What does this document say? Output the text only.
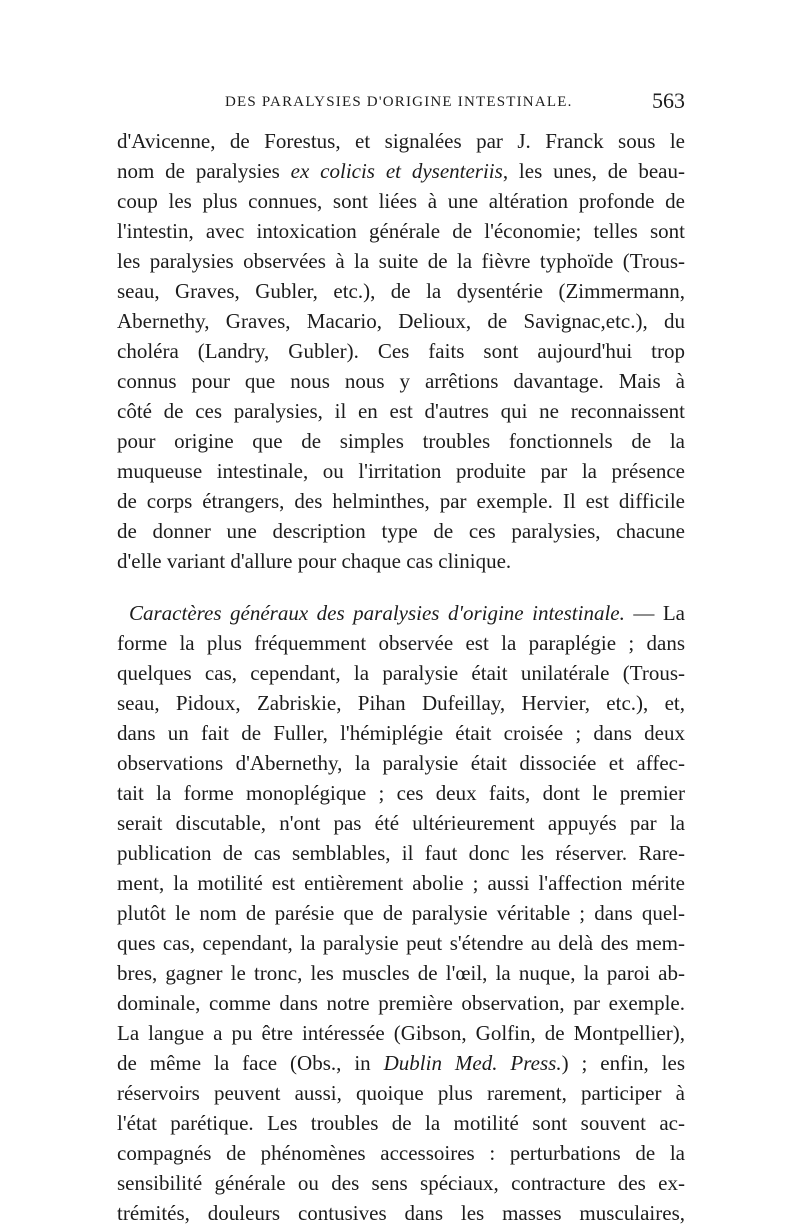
DES PARALYSIES D'ORIGINE INTESTINALE.	563
d'Avicenne, de Forestus, et signalées par J. Franck sous le
nom de paralysies ex colicis et dysenteriis, les unes, de beau-
coup les plus connues, sont liées à une altération profonde de
l'intestin, avec intoxication générale de l'économie; telles sont
les paralysies observées à la suite de la fièvre typhoïde (Trous-
seau, Graves, Gubler, etc.), de la dysentérie (Zimmermann,
Abernethy, Graves, Macario, Delioux, de Savignac,etc.), du
choléra (Landry, Gubler). Ces faits sont aujourd'hui trop
connus pour que nous nous y arrêtions davantage. Mais à
côté de ces paralysies, il en est d'autres qui ne reconnaissent
pour origine que de simples troubles fonctionnels de la
muqueuse intestinale, ou l'irritation produite par la présence
de corps étrangers, des helminthes, par exemple. Il est difficile
de donner une description type de ces paralysies, chacune
d'elle variant d'allure pour chaque cas clinique.
Caractères généraux des paralysies d'origine intestinale. — La
forme la plus fréquemment observée est la paraplégie ; dans
quelques cas, cependant, la paralysie était unilatérale (Trous-
seau, Pidoux, Zabriskie, Pihan Dufeillay, Hervier, etc.), et,
dans un fait de Fuller, l'hémiplégie était croisée ; dans deux
observations d'Abernethy, la paralysie était dissociée et affec-
tait la forme monoplégique ; ces deux faits, dont le premier
serait discutable, n'ont pas été ultérieurement appuyés par la
publication de cas semblables, il faut donc les réserver. Rare-
ment, la motilité est entièrement abolie ; aussi l'affection mérite
plutôt le nom de parésie que de paralysie véritable ; dans quel-
ques cas, cependant, la paralysie peut s'étendre au delà des mem-
bres, gagner le tronc, les muscles de l'œil, la nuque, la paroi ab-
dominale, comme dans notre première observation, par exemple.
La langue a pu être intéressée (Gibson, Golfin, de Montpellier),
de même la face (Obs., in Dublin Med. Press.) ; enfin, les
réservoirs peuvent aussi, quoique plus rarement, participer à
l'état parétique. Les troubles de la motilité sont souvent ac-
compagnés de phénomènes accessoires : perturbations de la
sensibilité générale ou des sens spéciaux, contracture des ex-
trémités, douleurs contusives dans les masses musculaires,
